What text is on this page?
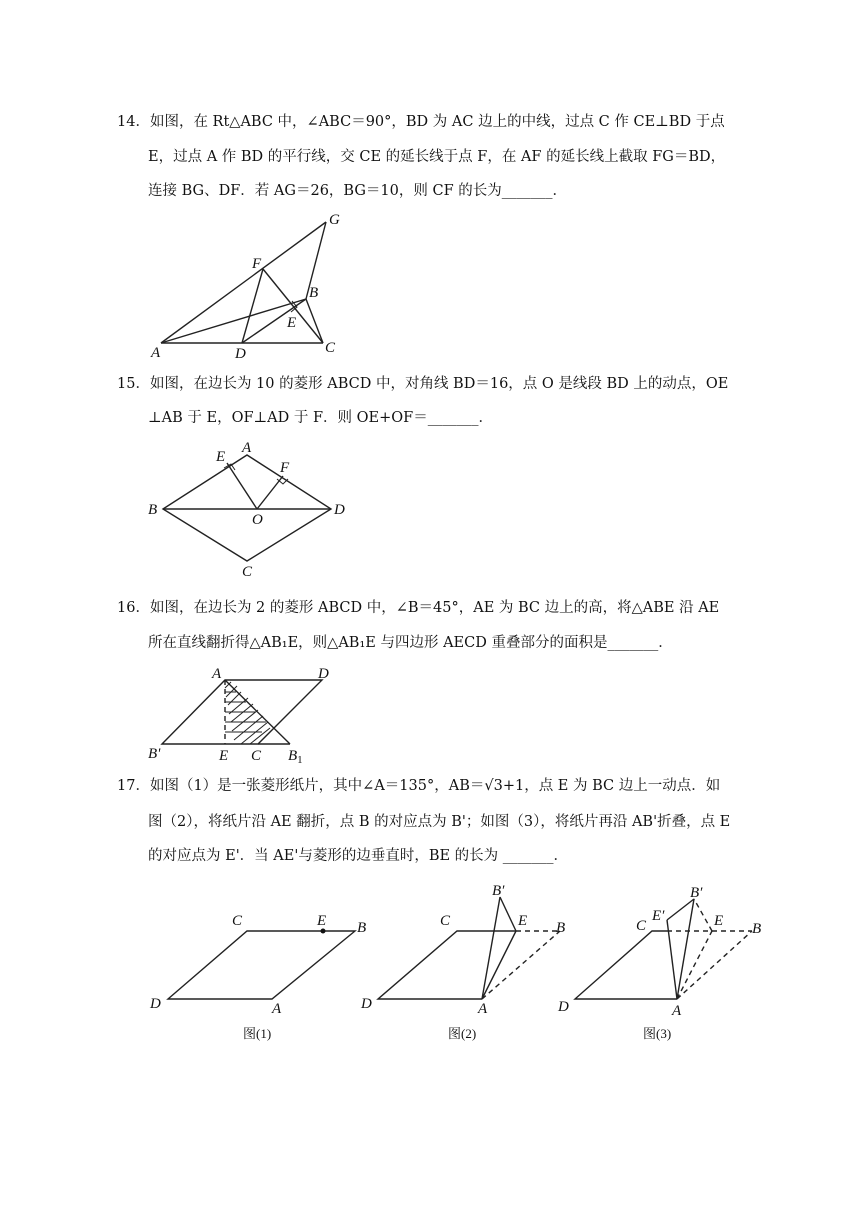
14．如图，在 Rt△ABC 中，∠ABC＝90°，BD 为 AC 边上的中线，过点 C 作 CE⊥BD 于点
E，过点 A 作 BD 的平行线，交 CE 的延长线于点 F，在 AF 的延长线上截取 FG＝BD，
连接 BG、DF．若 AG＝26，BG＝10，则 CF 的长为_______．
A	D	C
B
E
F
G
15．如图，在边长为 10 的菱形 ABCD 中，对角线 BD＝16，点 O 是线段 BD 上的动点，OE
⊥AB 于 E，OF⊥AD 于 F．则 OE+OF＝_______．
A
B
C
D
E
F
O
16．如图，在边长为 2 的菱形 ABCD 中，∠B＝45°，AE 为 BC 边上的高，将△ABE 沿 AE
所在直线翻折得△AB₁E，则△AB₁E 与四边形 AECD 重叠部分的面积是_______．
A	D
B'	E C $B_1$
17．如图（1）是一张菱形纸片，其中∠A＝135°，AB＝√3+1，点 E 为 BC 边上一动点．如
图（2），将纸片沿 AE 翻折，点 B 的对应点为 B'；如图（3），将纸片再沿 AB'折叠，点 E
的对应点为 E'．当 AE'与菱形的边垂直时，BE 的长为 _______．
C	E B
D	A
图(1)
B′
C	E B
D	A
图(2)
B′
E′
C	E B
D	A
图(3)
